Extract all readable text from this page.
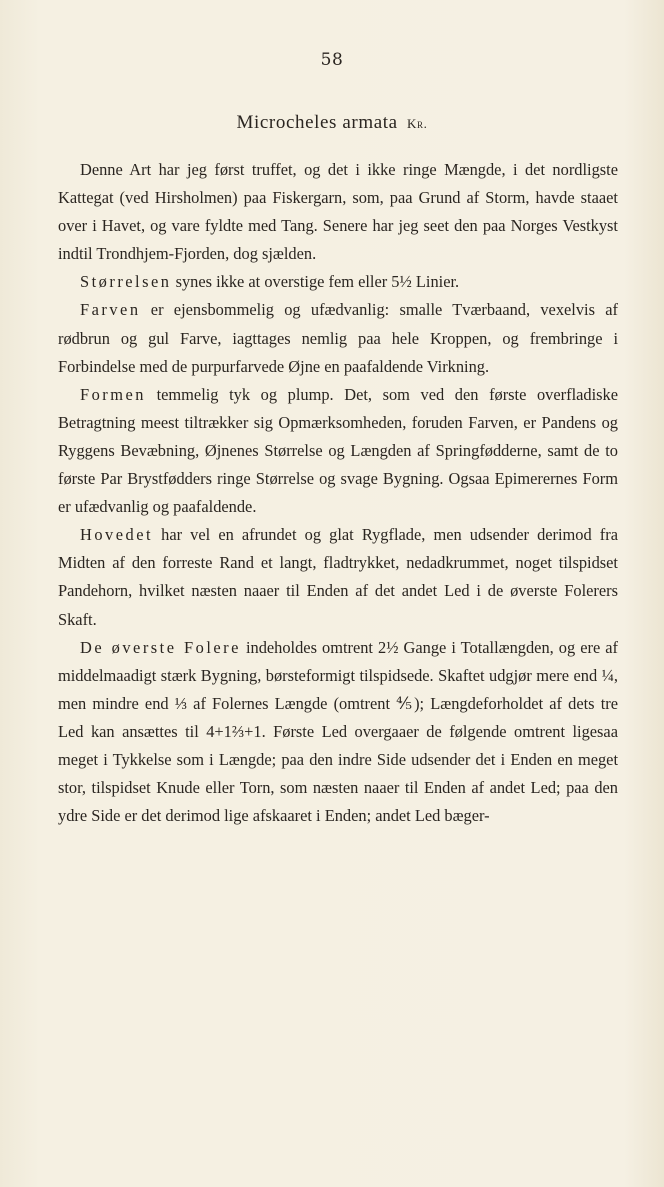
58
Microcheles armata Kr.

Denne Art har jeg først truffet, og det i ikke ringe Mængde, i det nordligste Kattegat (ved Hirsholmen) paa Fiskergarn, som, paa Grund af Storm, havde staaet over i Havet, og vare fyldte med Tang. Senere har jeg seet den paa Norges Vestkyst indtil Trondhjem-Fjorden, dog sjælden.

Størrelsen synes ikke at overstige fem eller 5½ Linier.

Farven er ejensbommelig og ufædvanlig: smalle Tværbaand, vexelvis af rødbrun og gul Farve, iagttages nemlig paa hele Kroppen, og frembringe i Forbindelse med de purpurfarvede Øjne en paafaldende Virkning.

Formen temmelig tyk og plump. Det, som ved den første overfladiske Betragtning meest tiltrækker sig Opmærksomheden, foruden Farven, er Pandens og Ryggens Bevæbning, Øjnenes Størrelse og Længden af Springfødderne, samt de to første Par Brystfødders ringe Størrelse og svage Bygning. Ogsaa Epimerernes Form er ufædvanlig og paafaldende.

Hovedet har vel en afrundet og glat Rygflade, men udsender derimod fra Midten af den forreste Rand et langt, fladtrykket, nedadkrummet, noget tilspidset Pandehorn, hvilket næsten naaer til Enden af det andet Led i de øverste Folerers Skaft.

De øverste Folere indeholdes omtrent 2½ Gange i Totallængden, og ere af middelmaadigt stærk Bygning, børsteformigt tilspidsede. Skaftet udgjør mere end ¼, men mindre end ⅓ af Folernes Længde (omtrent ⅘); Længdeforholdet af dets tre Led kan ansættes til 4+1⅔+1. Første Led overgaaer de følgende omtrent ligesaa meget i Tykkelse som i Længde; paa den indre Side udsender det i Enden en meget stor, tilspidset Knude eller Torn, som næsten naaer til Enden af andet Led; paa den ydre Side er det derimod lige afskaaret i Enden; andet Led bæger-
